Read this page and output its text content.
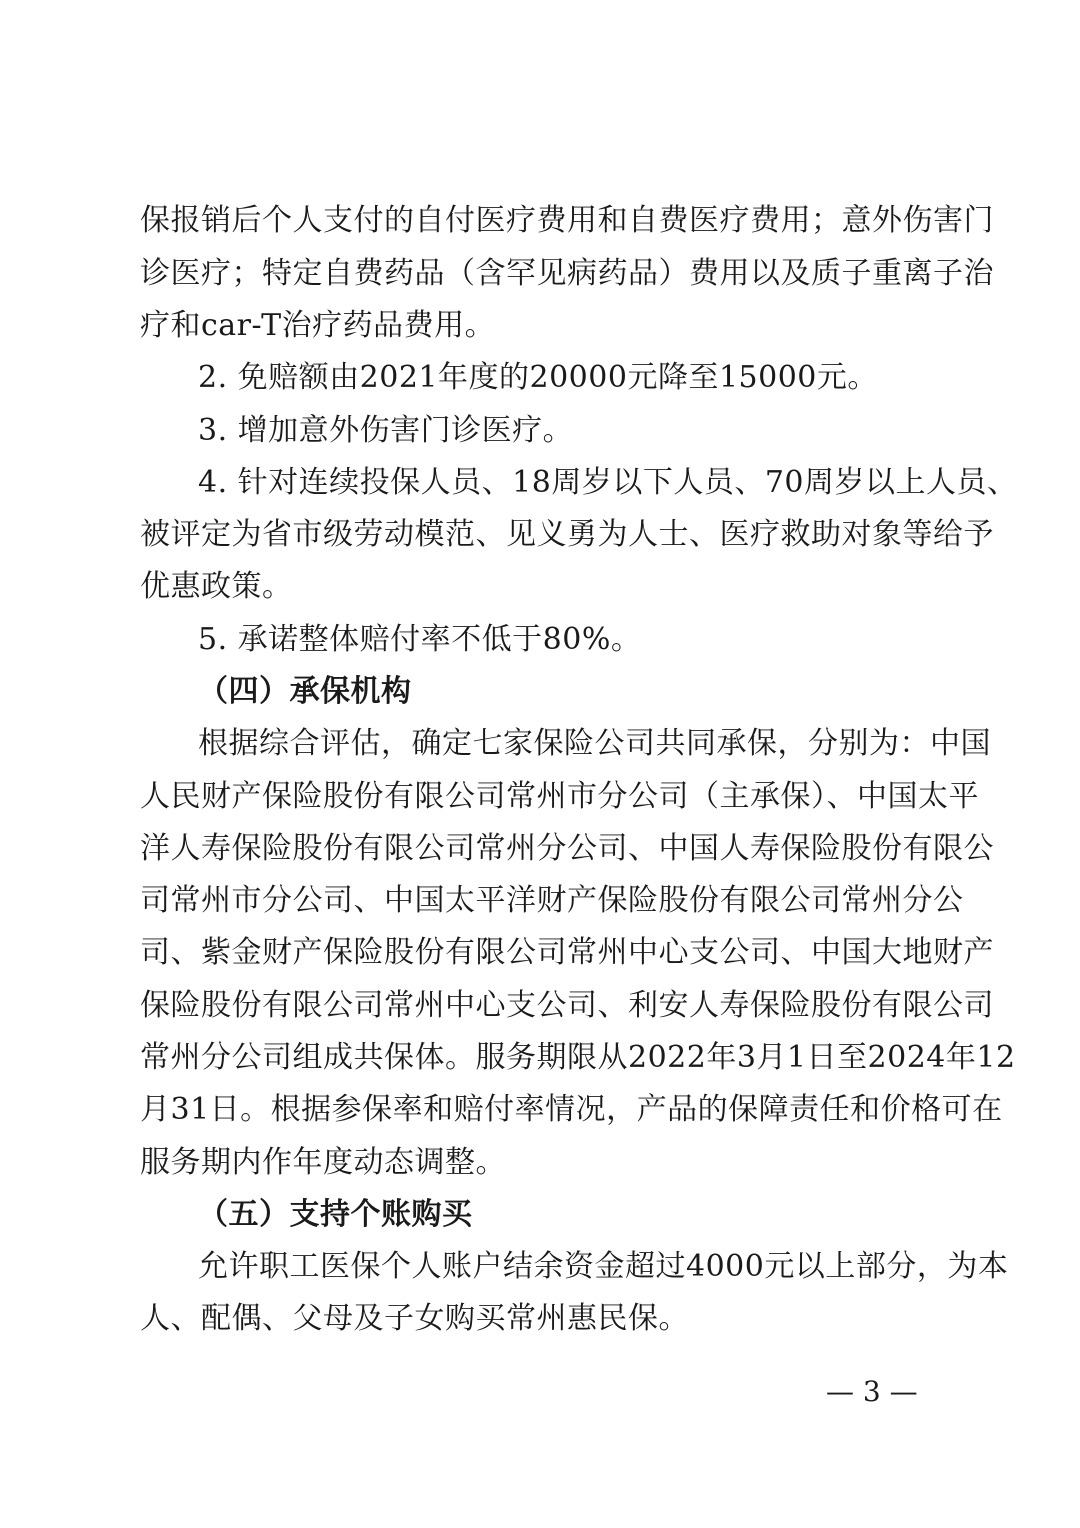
保报销后个人支付的自付医疗费用和自费医疗费用；意外伤害门
诊医疗；特定自费药品（含罕见病药品）费用以及质子重离子治
疗和car-T治疗药品费用。
2. 免赔额由2021年度的20000元降至15000元。
3. 增加意外伤害门诊医疗。
4. 针对连续投保人员、18周岁以下人员、70周岁以上人员、
被评定为省市级劳动模范、见义勇为人士、医疗救助对象等给予
优惠政策。
5. 承诺整体赔付率不低于80%。
（四）承保机构
根据综合评估，确定七家保险公司共同承保，分别为：中国
人民财产保险股份有限公司常州市分公司（主承保）、中国太平
洋人寿保险股份有限公司常州分公司、中国人寿保险股份有限公
司常州市分公司、中国太平洋财产保险股份有限公司常州分公
司、紫金财产保险股份有限公司常州中心支公司、中国大地财产
保险股份有限公司常州中心支公司、利安人寿保险股份有限公司
常州分公司组成共保体。服务期限从2022年3月1日至2024年12
月31日。根据参保率和赔付率情况，产品的保障责任和价格可在
服务期内作年度动态调整。
（五）支持个账购买
允许职工医保个人账户结余资金超过4000元以上部分，为本
人、配偶、父母及子女购买常州惠民保。
— 3 —
